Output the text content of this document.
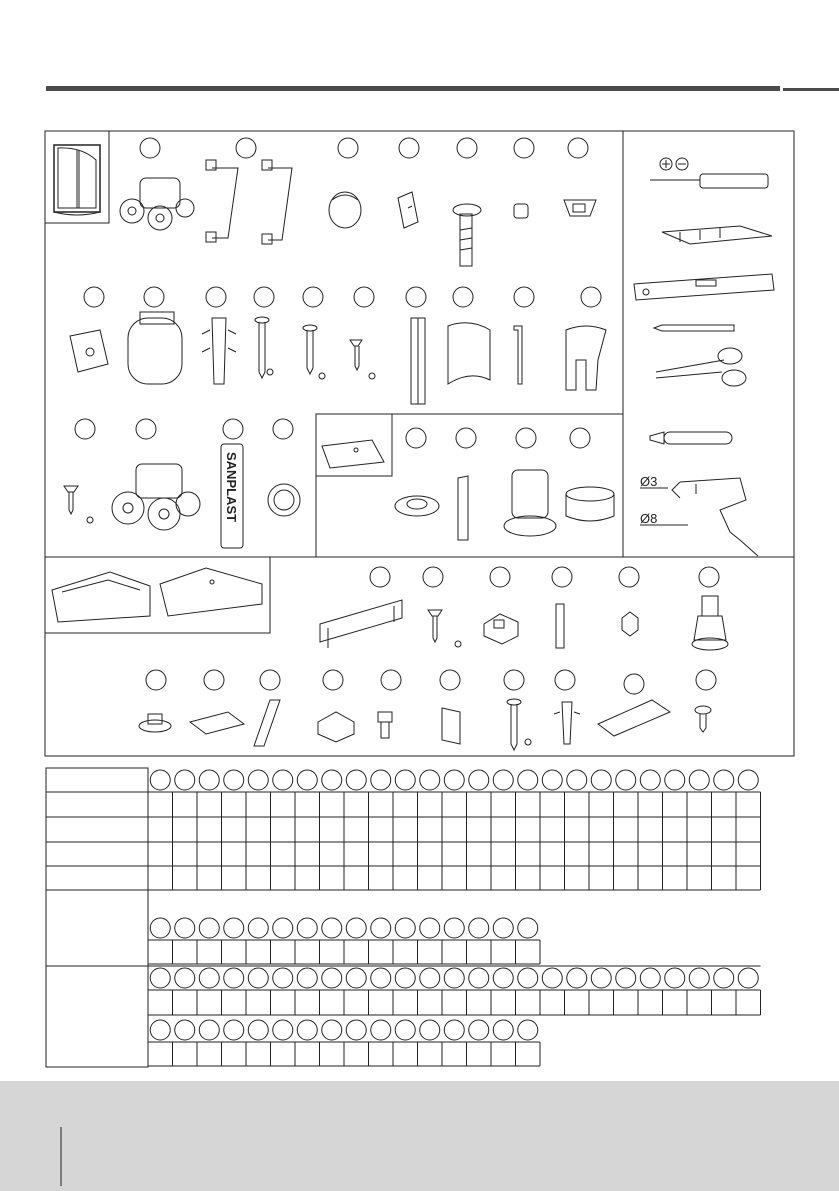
SANPLAST	Ø3
Ø8
